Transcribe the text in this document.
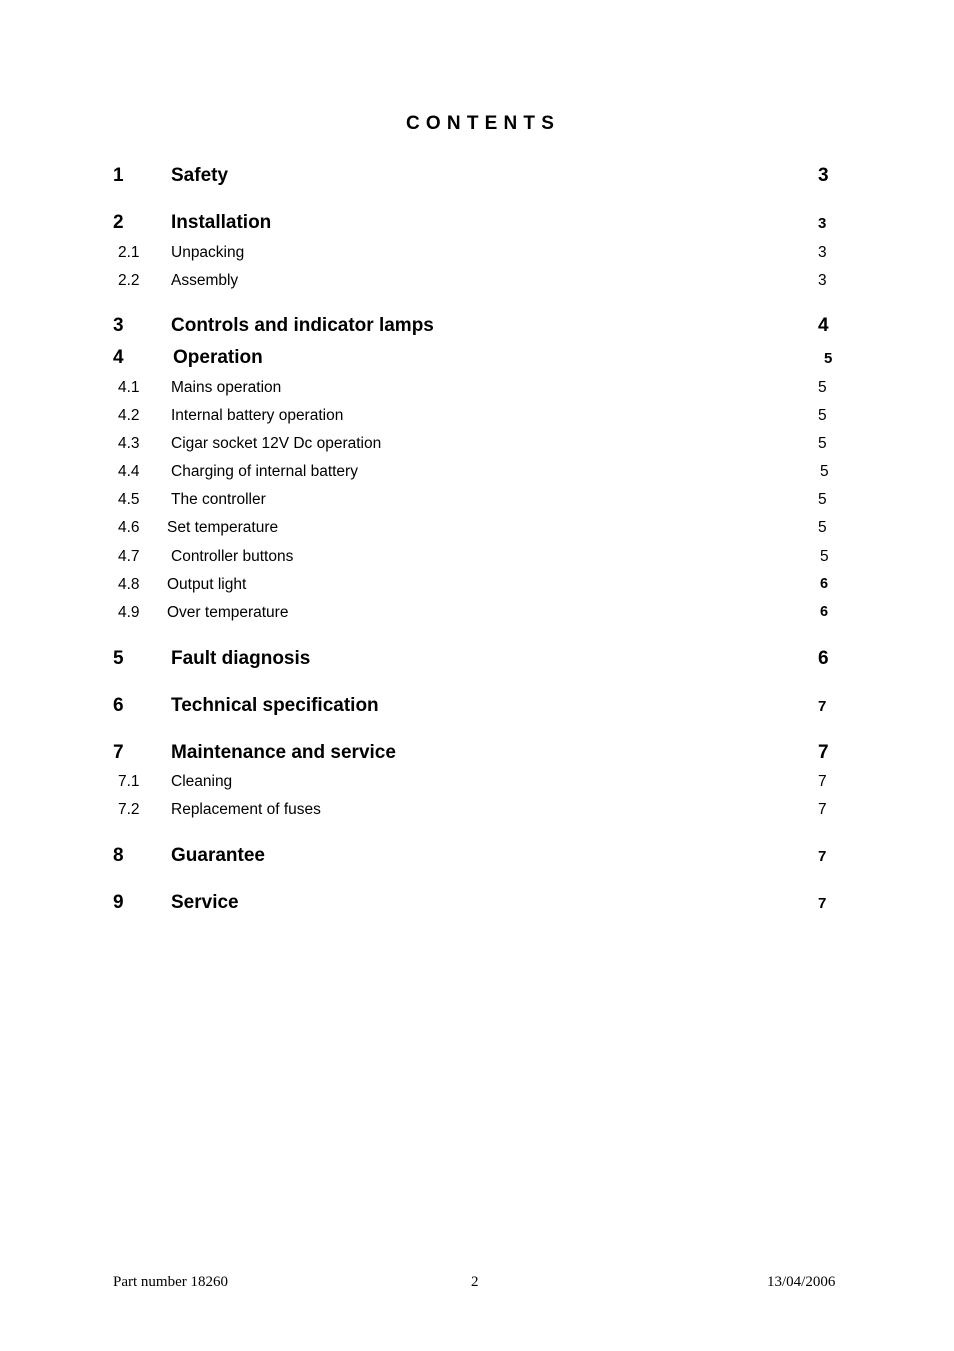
CONTENTS
1 Safety	3
2 Installation	3
2.1 Unpacking	3
2.2 Assembly	3
3 Controls and indicator lamps	4
4	Operation	5
4.1 Mains operation	5
4.2 Internal battery operation	5
4.3 Cigar socket 12V Dc operation	5
4.4 Charging of internal battery	5
4.5 The controller	5
4.6 Set temperature	5
4.7 Controller buttons	5
4.8 Output light	6
4.9 Over temperature	6
5 Fault diagnosis	6
6 Technical specification	7
7 Maintenance and service	7
7.1 Cleaning	7
7.2 Replacement of fuses	7
8 Guarantee	7
9 Service	7
Part number 18260	2	13/04/2006
